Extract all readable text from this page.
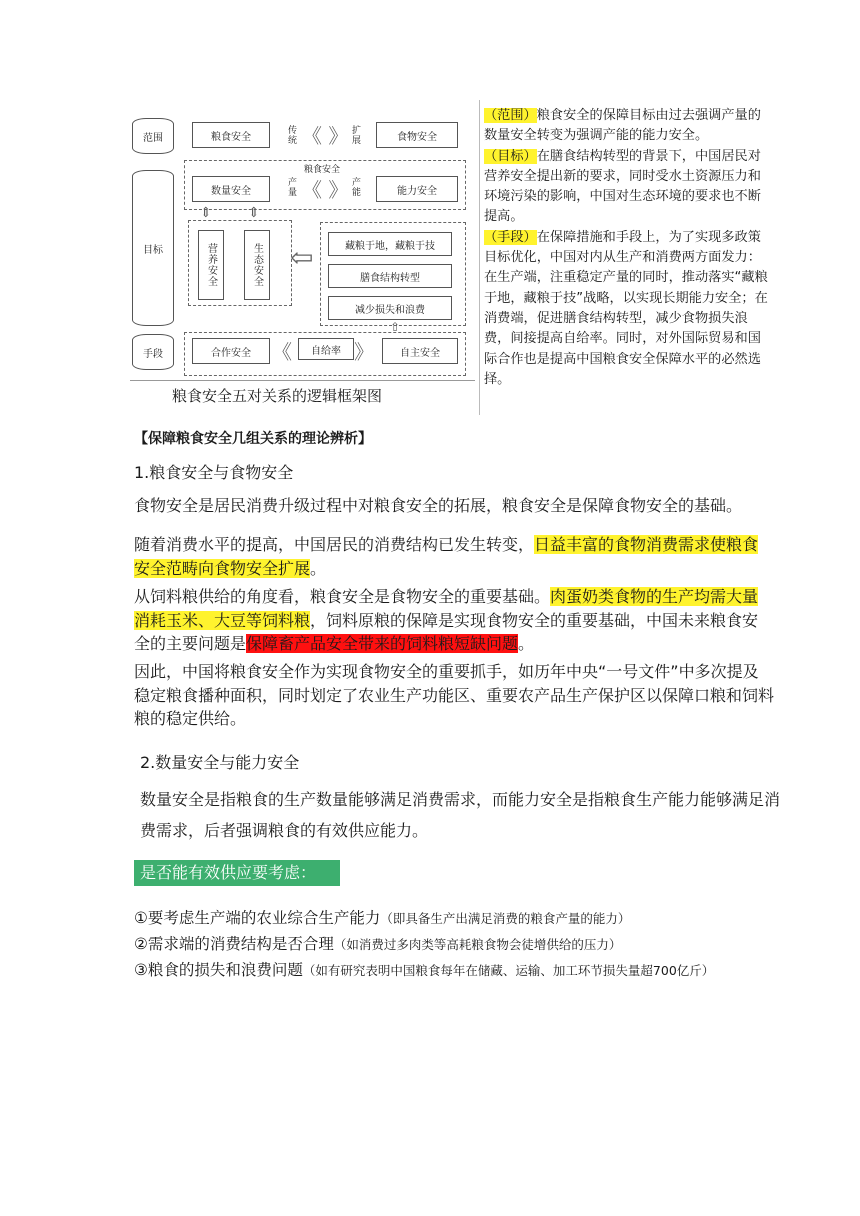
范围
目标
手段
粮食安全
传统 《 》 扩展	食物安全
粮食安全
数量安全
产量 《 》 产能	能力安全
⇕	⇕
营养安全	生态安全 ⇦	藏粮于地，藏粮于技
膳食结构转型
减少损失和浪费
⇧
合作安全	《	自给率 》	自主安全
粮食安全五对关系的逻辑框架图
（范围）粮食安全的保障目标由过去强调产量的数量安全转变为强调产能的能力安全。
（目标）在膳食结构转型的背景下，中国居民对营养安全提出新的要求，同时受水土资源压力和环境污染的影响，中国对生态环境的要求也不断提高。
（手段）在保障措施和手段上，为了实现多政策目标优化，中国对内从生产和消费两方面发力：在生产端，注重稳定产量的同时，推动落实“藏粮于地，藏粮于技”战略，以实现长期能力安全；在消费端，促进膳食结构转型，减少食物损失浪费，间接提高自给率。同时，对外国际贸易和国际合作也是提高中国粮食安全保障水平的必然选择。
【保障粮食安全几组关系的理论辨析】
1.粮食安全与食物安全
食物安全是居民消费升级过程中对粮食安全的拓展，粮食安全是保障食物安全的基础。
随着消费水平的提高，中国居民的消费结构已发生转变，日益丰富的食物消费需求使粮食安全范畴向食物安全扩展。
从饲料粮供给的角度看，粮食安全是食物安全的重要基础。肉蛋奶类食物的生产均需大量消耗玉米、大豆等饲料粮，饲料原粮的保障是实现食物安全的重要基础，中国未来粮食安全的主要问题是保障畜产品安全带来的饲料粮短缺问题。
因此，中国将粮食安全作为实现食物安全的重要抓手，如历年中央“一号文件”中多次提及稳定粮食播种面积，同时划定了农业生产功能区、重要农产品生产保护区以保障口粮和饲料粮的稳定供给。
2.数量安全与能力安全
数量安全是指粮食的生产数量能够满足消费需求，而能力安全是指粮食生产能力能够满足消费需求，后者强调粮食的有效供应能力。
是否能有效供应要考虑：
①要考虑生产端的农业综合生产能力（即具备生产出满足消费的粮食产量的能力）
②需求端的消费结构是否合理（如消费过多肉类等高耗粮食物会徒增供给的压力）
③粮食的损失和浪费问题（如有研究表明中国粮食每年在储藏、运输、加工环节损失量超700亿斤）
